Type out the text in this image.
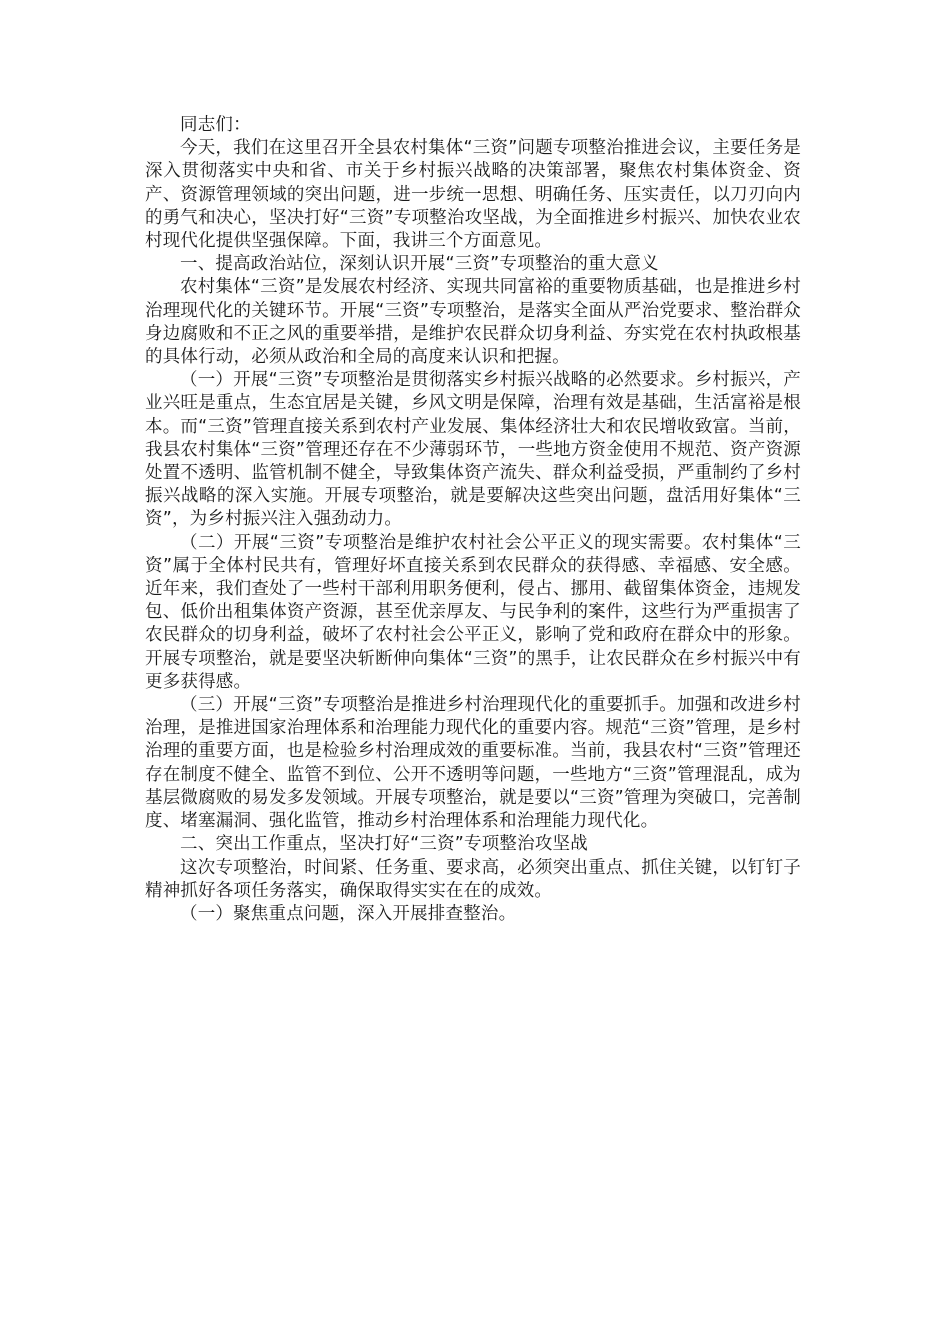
同志们：

今天，我们在这里召开全县农村集体“三资”问题专项整治推进会议，主要任务是深入贯彻落实中央和省、市关于乡村振兴战略的决策部署，聚焦农村集体资金、资产、资源管理领域的突出问题，进一步统一思想、明确任务、压实责任，以刀刃向内的勇气和决心，坚决打好“三资”专项整治攻坚战，为全面推进乡村振兴、加快农业农村现代化提供坚强保障。下面，我讲三个方面意见。

一、提高政治站位，深刻认识开展“三资”专项整治的重大意义

农村集体“三资”是发展农村经济、实现共同富裕的重要物质基础，也是推进乡村治理现代化的关键环节。开展“三资”专项整治，是落实全面从严治党要求、整治群众身边腐败和不正之风的重要举措，是维护农民群众切身利益、夯实党在农村执政根基的具体行动，必须从政治和全局的高度来认识和把握。

（一）开展“三资”专项整治是贯彻落实乡村振兴战略的必然要求。乡村振兴，产业兴旺是重点，生态宜居是关键，乡风文明是保障，治理有效是基础，生活富裕是根本。而“三资”管理直接关系到农村产业发展、集体经济壮大和农民增收致富。当前，我县农村集体“三资”管理还存在不少薄弱环节，一些地方资金使用不规范、资产资源处置不透明、监管机制不健全，导致集体资产流失、群众利益受损，严重制约了乡村振兴战略的深入实施。开展专项整治，就是要解决这些突出问题，盘活用好集体“三资”，为乡村振兴注入强劲动力。

（二）开展“三资”专项整治是维护农村社会公平正义的现实需要。农村集体“三资”属于全体村民共有，管理好坏直接关系到农民群众的获得感、幸福感、安全感。近年来，我们查处了一些村干部利用职务便利，侵占、挪用、截留集体资金，违规发包、低价出租集体资产资源，甚至优亲厚友、与民争利的案件，这些行为严重损害了农民群众的切身利益，破坏了农村社会公平正义，影响了党和政府在群众中的形象。开展专项整治，就是要坚决斩断伸向集体“三资”的黑手，让农民群众在乡村振兴中有更多获得感。

（三）开展“三资”专项整治是推进乡村治理现代化的重要抓手。加强和改进乡村治理，是推进国家治理体系和治理能力现代化的重要内容。规范“三资”管理，是乡村治理的重要方面，也是检验乡村治理成效的重要标准。当前，我县农村“三资”管理还存在制度不健全、监管不到位、公开不透明等问题，一些地方“三资”管理混乱，成为基层微腐败的易发多发领域。开展专项整治，就是要以“三资”管理为突破口，完善制度、堵塞漏洞、强化监管，推动乡村治理体系和治理能力现代化。

二、突出工作重点，坚决打好“三资”专项整治攻坚战

这次专项整治，时间紧、任务重、要求高，必须突出重点、抓住关键，以钉钉子精神抓好各项任务落实，确保取得实实在在的成效。

（一）聚焦重点问题，深入开展排查整治。
